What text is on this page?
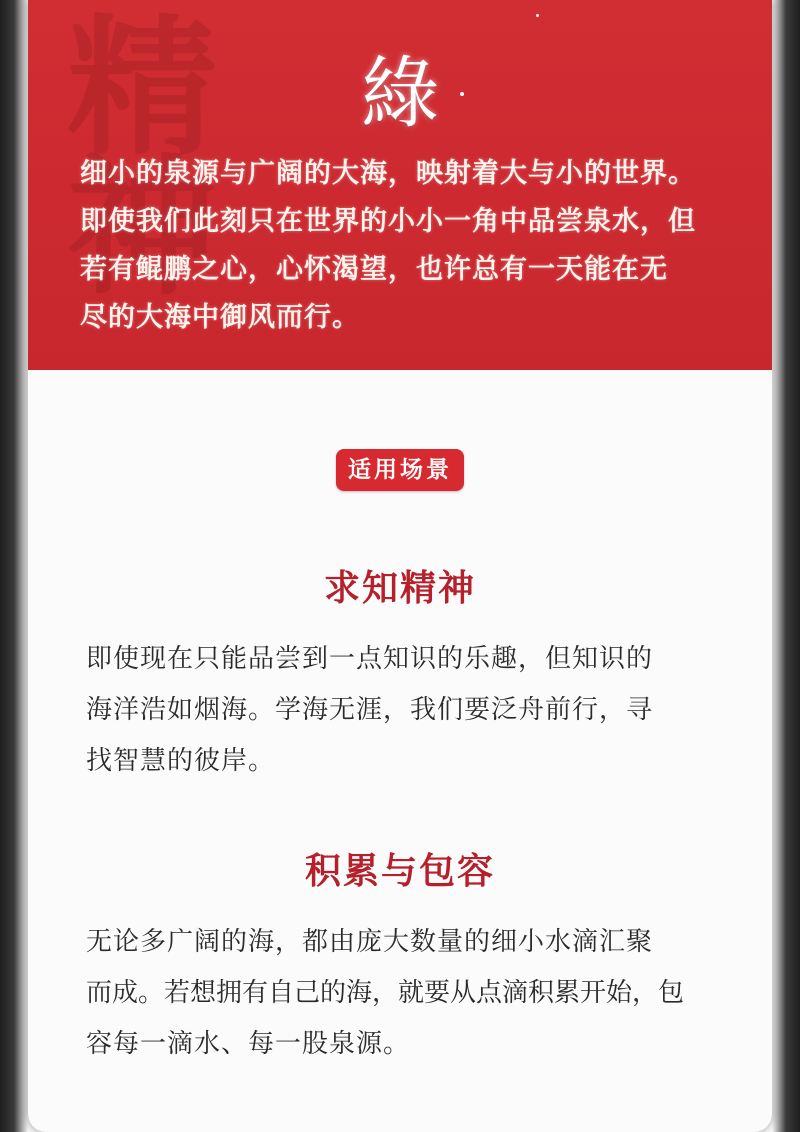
精神 綠
细小的泉源与广阔的大海，映射着大与小的世界。
即使我们此刻只在世界的小小一角中品尝泉水，但
若有鲲鹏之心，心怀渴望，也许总有一天能在无
尽的大海中御风而行。
适用场景
求知精神
即使现在只能品尝到一点知识的乐趣，但知识的
海洋浩如烟海。学海无涯，我们要泛舟前行，寻
找智慧的彼岸。
积累与包容
无论多广阔的海，都由庞大数量的细小水滴汇聚
而成。若想拥有自己的海，就要从点滴积累开始，包
容每一滴水、每一股泉源。
